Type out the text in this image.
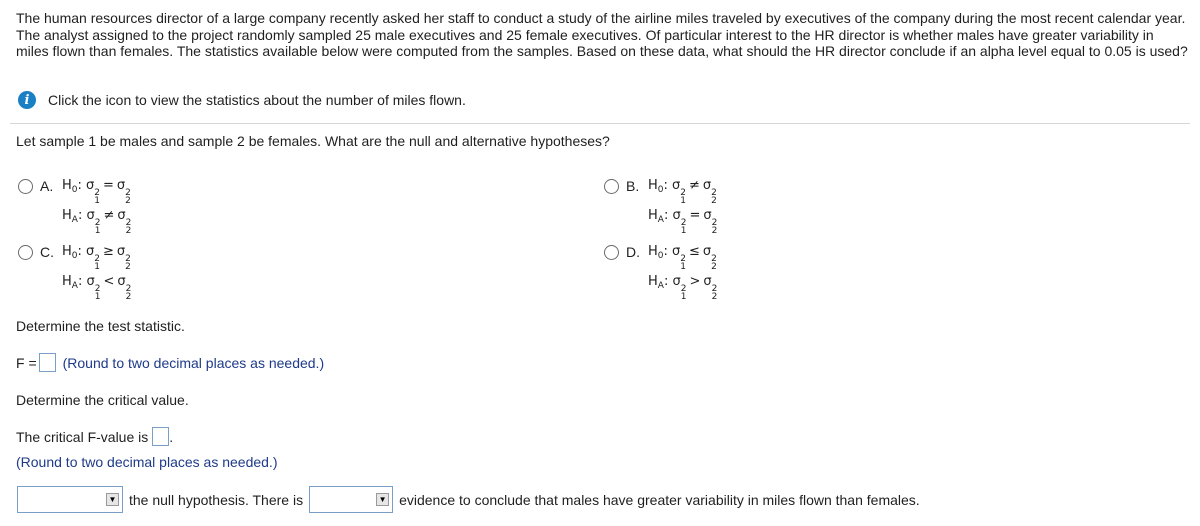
The human resources director of a large company recently asked her staff to conduct a study of the airline miles traveled by executives of the company during the most recent calendar year. The analyst assigned to the project randomly sampled 25 male executives and 25 female executives. Of particular interest to the HR director is whether males have greater variability in miles flown than females. The statistics available below were computed from the samples. Based on these data, what should the HR director conclude if an alpha level equal to 0.05 is used?
i	Click the icon to view the statistics about the number of miles flown.
Let sample 1 be males and sample 2 be females. What are the null and alternative hypotheses?
A. $H_0$: σ 2
1
= σ 2
2
$H_A$: σ 2
1
≠ σ 2
2
B. $H_0$: σ 2
1
≠ σ 2
2
$H_A$: σ 2
1
= σ 2
2
C. $H_0$: σ 2
1
≥ σ 2
2
$H_A$: σ 2
1
< σ 2
2
D. $H_0$: σ 2
1
≤ σ 2
2
$H_A$: σ 2
1
> σ 2
2
Determine the test statistic.
F = (Round to two decimal places as needed.)
Determine the critical value.
The critical F-value is .
(Round to two decimal places as needed.)
▼ the null hypothesis. There is	▼ evidence to conclude that males have greater variability in miles flown than females.
